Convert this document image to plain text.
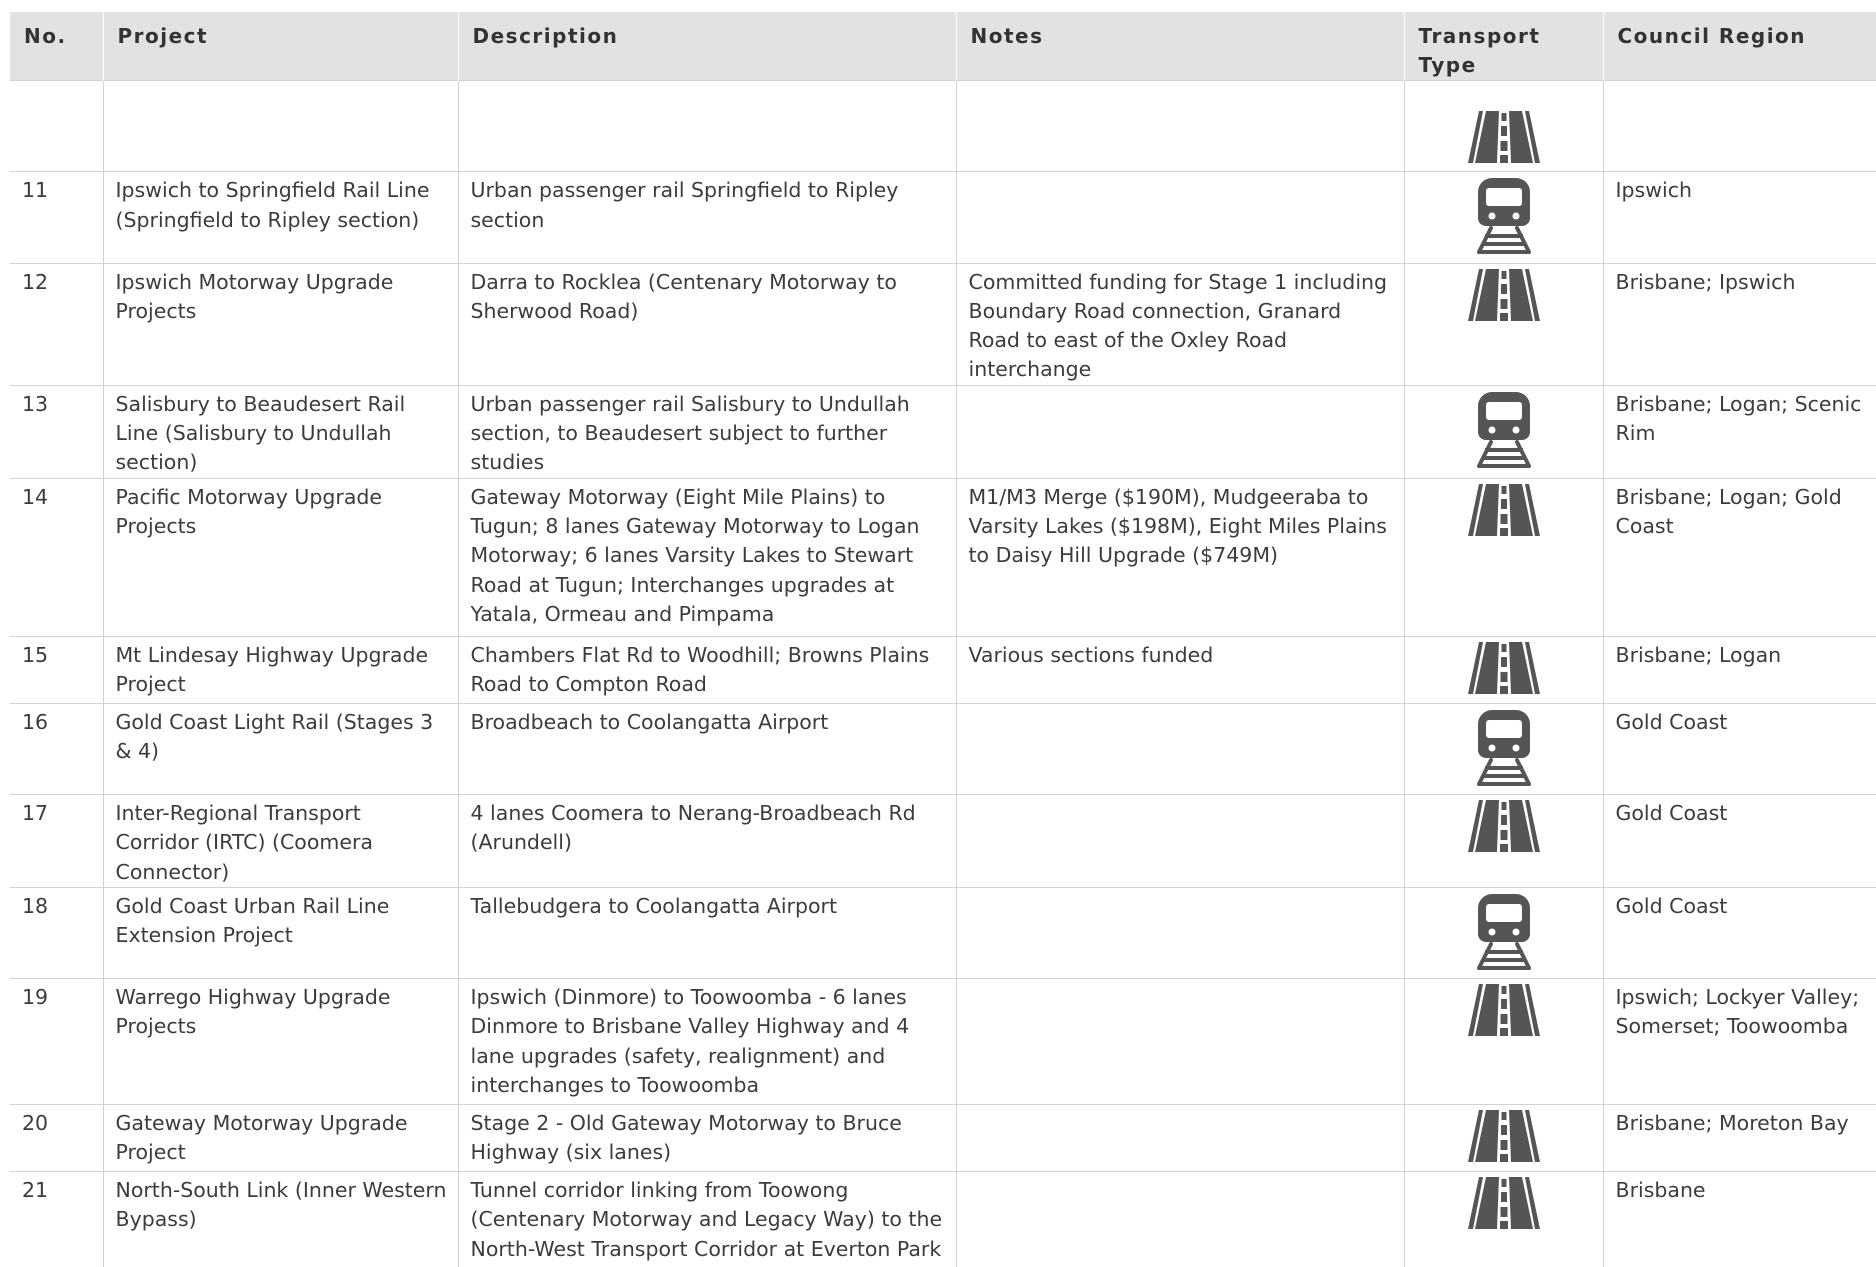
No.	Project	Description	Notes	Transport Type	Council Region

11	Ipswich to Springfield Rail Line (Springfield to Ripley section)	Urban passenger rail Springfield to Ripley section			Ipswich
12	Ipswich Motorway Upgrade Projects	Darra to Rocklea (Centenary Motorway to Sherwood Road)	Committed funding for Stage 1 including Boundary Road connection, Granard Road to east of the Oxley Road interchange		Brisbane; Ipswich
13	Salisbury to Beaudesert Rail Line (Salisbury to Undullah section)	Urban passenger rail Salisbury to Undullah section, to Beaudesert subject to further studies			Brisbane; Logan; Scenic Rim
14	Pacific Motorway Upgrade Projects	Gateway Motorway (Eight Mile Plains) to Tugun; 8 lanes Gateway Motorway to Logan Motorway; 6 lanes Varsity Lakes to Stewart Road at Tugun; Interchanges upgrades at Yatala, Ormeau and Pimpama	M1/M3 Merge ($190M), Mudgeeraba to Varsity Lakes ($198M), Eight Miles Plains to Daisy Hill Upgrade ($749M)		Brisbane; Logan; Gold Coast
15	Mt Lindesay Highway Upgrade Project	Chambers Flat Rd to Woodhill; Browns Plains Road to Compton Road	Various sections funded		Brisbane; Logan
16	Gold Coast Light Rail (Stages 3 & 4)	Broadbeach to Coolangatta Airport			Gold Coast
17	Inter-Regional Transport Corridor (IRTC) (Coomera Connector)	4 lanes Coomera to Nerang-Broadbeach Rd (Arundell)			Gold Coast
18	Gold Coast Urban Rail Line Extension Project	Tallebudgera to Coolangatta Airport			Gold Coast
19	Warrego Highway Upgrade Projects	Ipswich (Dinmore) to Toowoomba - 6 lanes Dinmore to Brisbane Valley Highway and 4 lane upgrades (safety, realignment) and interchanges to Toowoomba			Ipswich; Lockyer Valley; Somerset; Toowoomba
20	Gateway Motorway Upgrade Project	Stage 2 - Old Gateway Motorway to Bruce Highway (six lanes)			Brisbane; Moreton Bay
21	North-South Link (Inner Western Bypass)	Tunnel corridor linking from Toowong (Centenary Motorway and Legacy Way) to the North-West Transport Corridor at Everton Park			Brisbane
